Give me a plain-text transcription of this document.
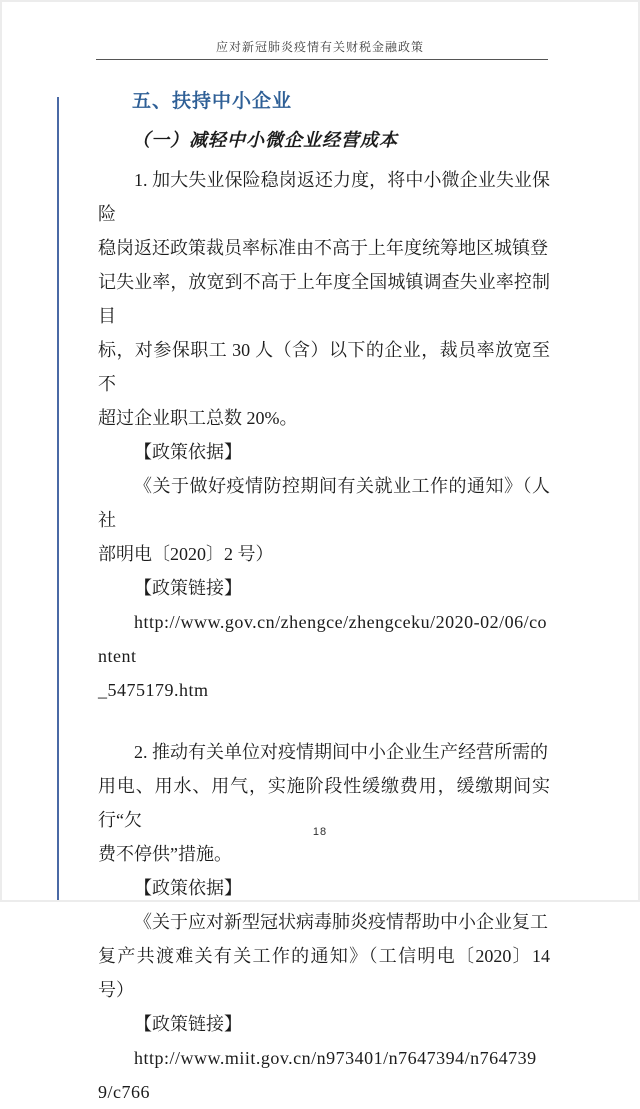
应对新冠肺炎疫情有关财税金融政策
五、扶持中小企业
（一）减轻中小微企业经营成本
1. 加大失业保险稳岗返还力度，将中小微企业失业保险
稳岗返还政策裁员率标准由不高于上年度统筹地区城镇登
记失业率，放宽到不高于上年度全国城镇调查失业率控制目
标，对参保职工 30 人（含）以下的企业，裁员率放宽至不
超过企业职工总数 20%。
【政策依据】
《关于做好疫情防控期间有关就业工作的通知》（人社
部明电〔2020〕2 号）
【政策链接】
http://www.gov.cn/zhengce/zhengceku/2020-02/06/content
_5475179.htm
2. 推动有关单位对疫情期间中小企业生产经营所需的
用电、用水、用气，实施阶段性缓缴费用，缓缴期间实行“欠
费不停供”措施。
【政策依据】
《关于应对新型冠状病毒肺炎疫情帮助中小企业复工
复产共渡难关有关工作的通知》（工信明电〔2020〕14 号）
【政策链接】
http://www.miit.gov.cn/n973401/n7647394/n7647399/c766
18
